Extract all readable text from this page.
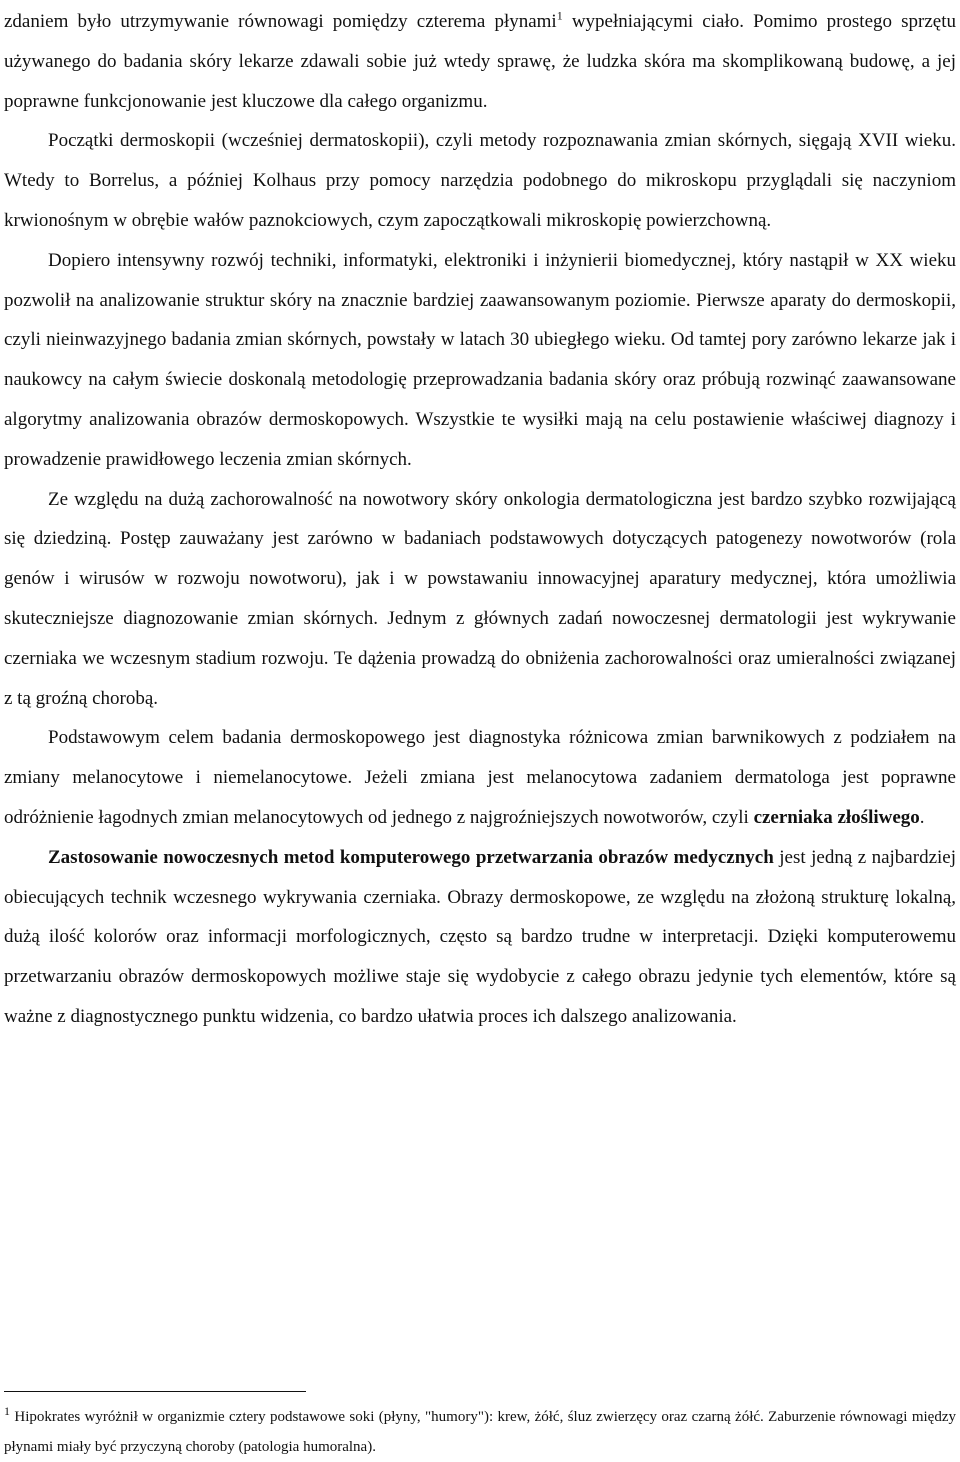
zdaniem było utrzymywanie równowagi pomiędzy czterema płynami$^1$ wypełniającymi ciało. Pomimo prostego sprzętu używanego do badania skóry lekarze zdawali sobie już wtedy sprawę, że ludzka skóra ma skomplikowaną budowę, a jej poprawne funkcjonowanie jest kluczowe dla całego organizmu.

Początki dermoskopii (wcześniej dermatoskopii), czyli metody rozpoznawania zmian skórnych, sięgają XVII wieku. Wtedy to Borrelus, a później Kolhaus przy pomocy narzędzia podobnego do mikroskopu przyglądali się naczyniom krwionośnym w obrębie wałów paznokciowych, czym zapoczątkowali mikroskopię powierzchowną.

Dopiero intensywny rozwój techniki, informatyki, elektroniki i inżynierii biomedycznej, który nastąpił w XX wieku pozwolił na analizowanie struktur skóry na znacznie bardziej zaawansowanym poziomie. Pierwsze aparaty do dermoskopii, czyli nieinwazyjnego badania zmian skórnych, powstały w latach 30 ubiegłego wieku. Od tamtej pory zarówno lekarze jak i naukowcy na całym świecie doskonalą metodologię przeprowadzania badania skóry oraz próbują rozwinąć zaawansowane algorytmy analizowania obrazów dermoskopowych. Wszystkie te wysiłki mają na celu postawienie właściwej diagnozy i prowadzenie prawidłowego leczenia zmian skórnych.

Ze względu na dużą zachorowalność na nowotwory skóry onkologia dermatologiczna jest bardzo szybko rozwijającą się dziedziną. Postęp zauważany jest zarówno w badaniach podstawowych dotyczących patogenezy nowotworów (rola genów i wirusów w rozwoju nowotworu), jak i w powstawaniu innowacyjnej aparatury medycznej, która umożliwia skuteczniejsze diagnozowanie zmian skórnych. Jednym z głównych zadań nowoczesnej dermatologii jest wykrywanie czerniaka we wczesnym stadium rozwoju. Te dążenia prowadzą do obniżenia zachorowalności oraz umieralności związanej z tą groźną chorobą.

Podstawowym celem badania dermoskopowego jest diagnostyka różnicowa zmian barwnikowych z podziałem na zmiany melanocytowe i niemelanocytowe. Jeżeli zmiana jest melanocytowa zadaniem dermatologa jest poprawne odróżnienie łagodnych zmian melanocytowych od jednego z najgroźniejszych nowotworów, czyli czerniaka złośliwego.

Zastosowanie nowoczesnych metod komputerowego przetwarzania obrazów medycznych jest jedną z najbardziej obiecujących technik wczesnego wykrywania czerniaka. Obrazy dermoskopowe, ze względu na złożoną strukturę lokalną, dużą ilość kolorów oraz informacji morfologicznych, często są bardzo trudne w interpretacji. Dzięki komputerowemu przetwarzaniu obrazów dermoskopowych możliwe staje się wydobycie z całego obrazu jedynie tych elementów, które są ważne z diagnostycznego punktu widzenia, co bardzo ułatwia proces ich dalszego analizowania.

$^1$ Hipokrates wyróżnił w organizmie cztery podstawowe soki (płyny, "humory"): krew, żółć, śluz zwierzęcy oraz czarną żółć. Zaburzenie równowagi między płynami miały być przyczyną choroby (patologia humoralna).
